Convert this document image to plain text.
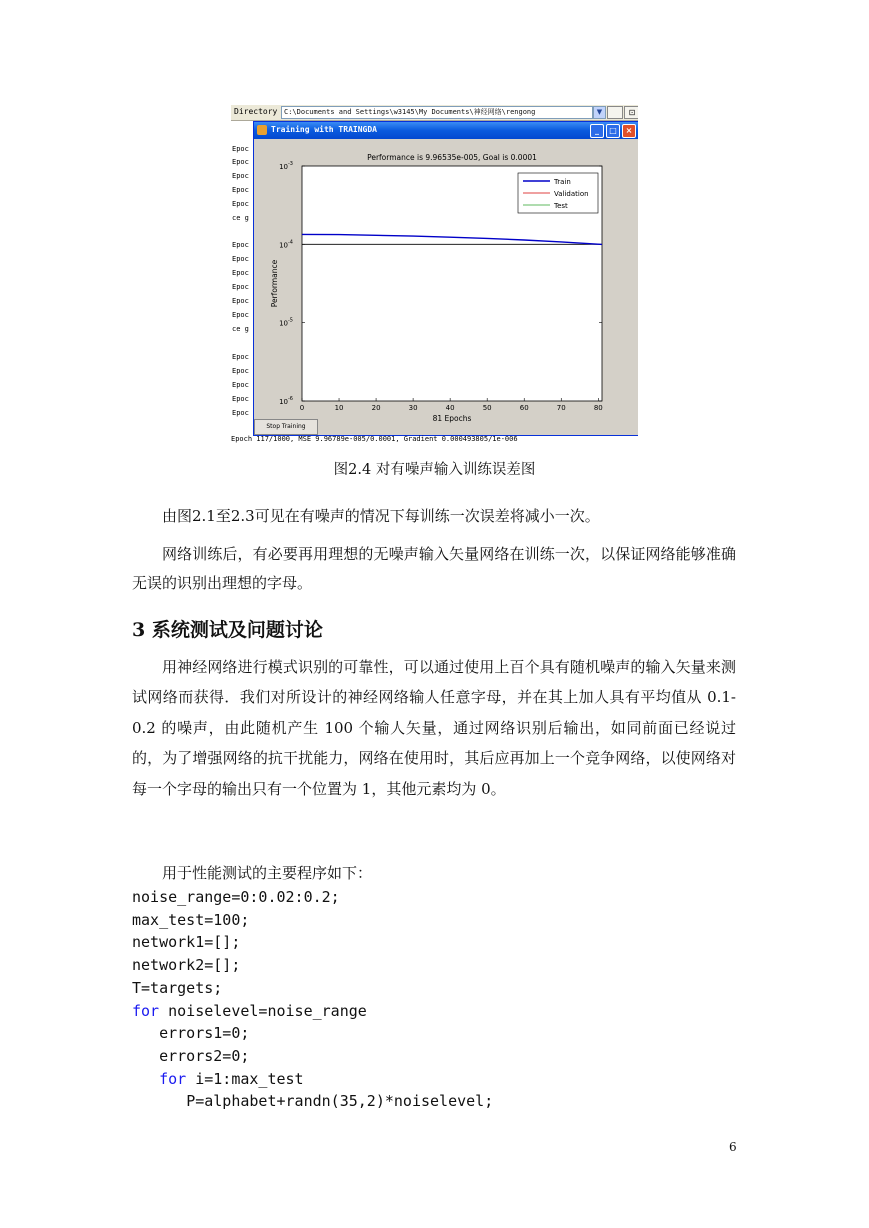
Directory C:\Documents and Settings\w3145\My Documents\神经网络\rengong	▼	⊡
Epoc
Epoc
Epoc
Epoc
Epoc
ce g
Epoc
Epoc
Epoc
Epoc
Epoc
Epoc
ce g
Epoc
Epoc
Epoc
Epoc
Epoc
Training with TRAINGDA	_	□	×
Performance is 9.96535e-005, Goal is 0.0001
0	10	20	30	40	50	60	70	80
10 -3
10 -4
10 -5
10 -6
Performance
81 Epochs
Train
Validation
Test
Stop Training
Epoch 117/1000, MSE 9.96789e-005/0.0001, Gradient 0.000493805/1e-006
图2.4 对有噪声输入训练误差图

由图2.1至2.3可见在有噪声的情况下每训练一次误差将减小一次。

网络训练后，有必要再用理想的无噪声输入矢量网络在训练一次，以保证网络能够准确无误的识别出理想的字母。

3 系统测试及问题讨论

用神经网络进行模式识别的可靠性，可以通过使用上百个具有随机噪声的输入矢量来测试网络而获得．我们对所设计的神经网络输人任意字母，并在其上加人具有平均值从 0.1-0.2 的噪声，由此随机产生 100 个输人矢量，通过网络识别后输出，如同前面已经说过的，为了增强网络的抗干扰能力，网络在使用时，其后应再加上一个竞争网络，以使网络对每一个字母的输出只有一个位置为 1，其他元素均为 0。

用于性能测试的主要程序如下：

noise_range=0:0.02:0.2;
max_test=100;
network1=[];
network2=[];
T=targets;
for noiselevel=noise_range
errors1=0;
errors2=0;
for i=1:max_test
P=alphabet+randn(35,2)*noiselevel;
6
